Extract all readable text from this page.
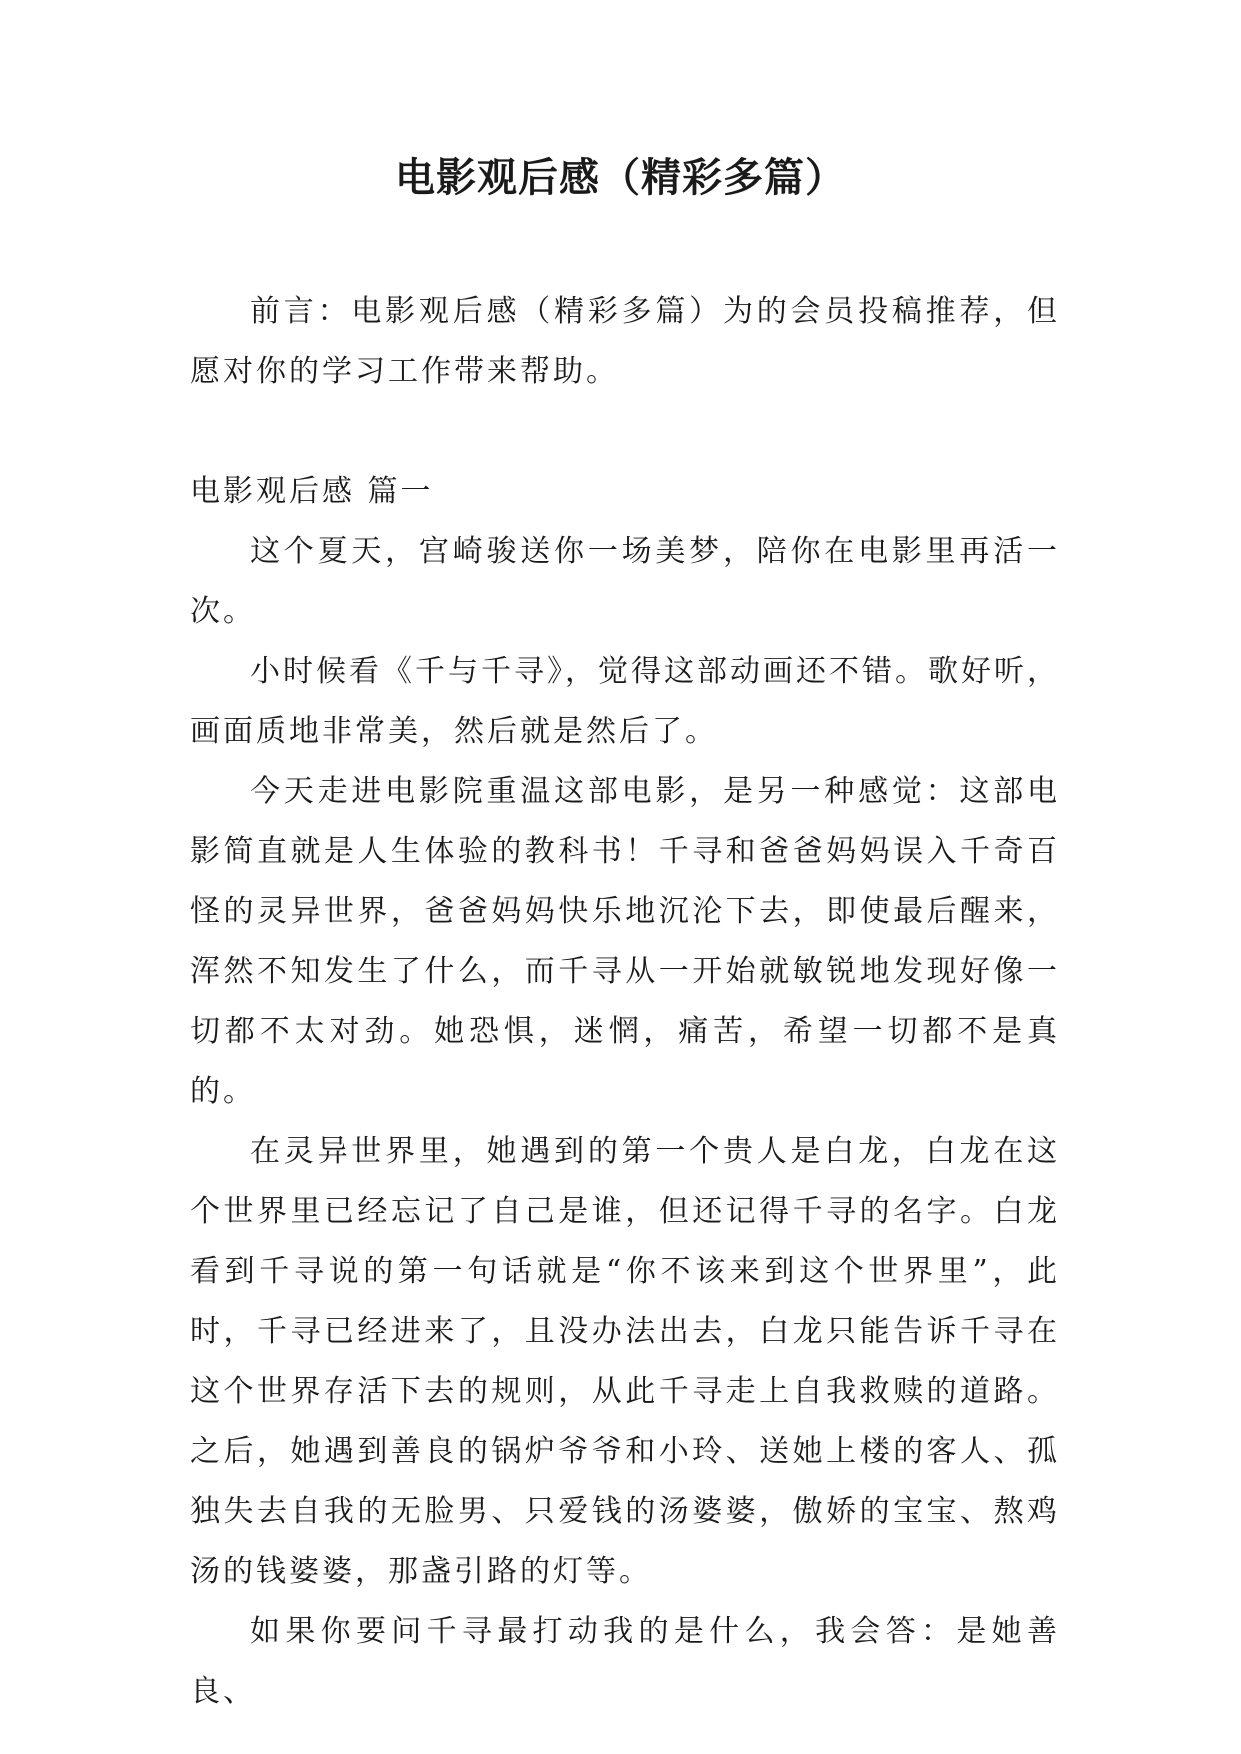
电影观后感（精彩多篇）

前言：电影观后感（精彩多篇）为的会员投稿推荐，但愿对你的学习工作带来帮助。

电影观后感 篇一

这个夏天，宫崎骏送你一场美梦，陪你在电影里再活一次。

小时候看《千与千寻》，觉得这部动画还不错。歌好听，画面质地非常美，然后就是然后了。

今天走进电影院重温这部电影，是另一种感觉：这部电影简直就是人生体验的教科书！千寻和爸爸妈妈误入千奇百怪的灵异世界，爸爸妈妈快乐地沉沦下去，即使最后醒来，浑然不知发生了什么，而千寻从一开始就敏锐地发现好像一切都不太对劲。她恐惧，迷惘，痛苦，希望一切都不是真的。

在灵异世界里，她遇到的第一个贵人是白龙，白龙在这个世界里已经忘记了自己是谁，但还记得千寻的名字。白龙看到千寻说的第一句话就是“你不该来到这个世界里”，此时，千寻已经进来了，且没办法出去，白龙只能告诉千寻在这个世界存活下去的规则，从此千寻走上自我救赎的道路。之后，她遇到善良的锅炉爷爷和小玲、送她上楼的客人、孤独失去自我的无脸男、只爱钱的汤婆婆，傲娇的宝宝、熬鸡汤的钱婆婆，那盏引路的灯等。

如果你要问千寻最打动我的是什么，我会答：是她善良、
